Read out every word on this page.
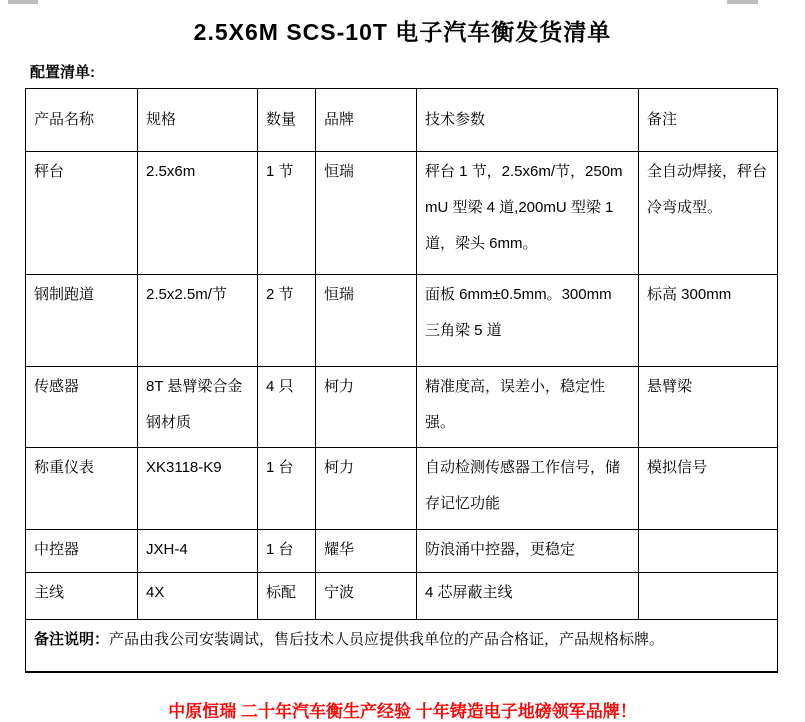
2.5X6M SCS-10T 电子汽车衡发货清单
配置清单:
产品名称	规格	数量	品牌	技术参数	备注
秤台	2.5x6m	1 节	恒瑞	秤台 1 节，2.5x6m/节，250mmU 型梁 4 道,200mU 型梁 1 道，梁头 6mm。	全自动焊接，秤台冷弯成型。
钢制跑道	2.5x2.5m/节	2 节	恒瑞	面板 6mm±0.5mm。300mm 三角梁 5 道	标高 300mm
传感器	8T 悬臂梁合金钢材质	4 只	柯力	精准度高，误差小，稳定性强。	悬臂梁
称重仪表	XK3118-K9	1 台	柯力	自动检测传感器工作信号，储存记忆功能	模拟信号
中控器	JXH-4	1 台	耀华	防浪涌中控器，更稳定	
主线	4X	标配	宁波	4 芯屏蔽主线	
备注说明：产品由我公司安装调试，售后技术人员应提供我单位的产品合格证，产品规格标牌。					
中原恒瑞 二十年汽车衡生产经验 十年铸造电子地磅领军品牌！
